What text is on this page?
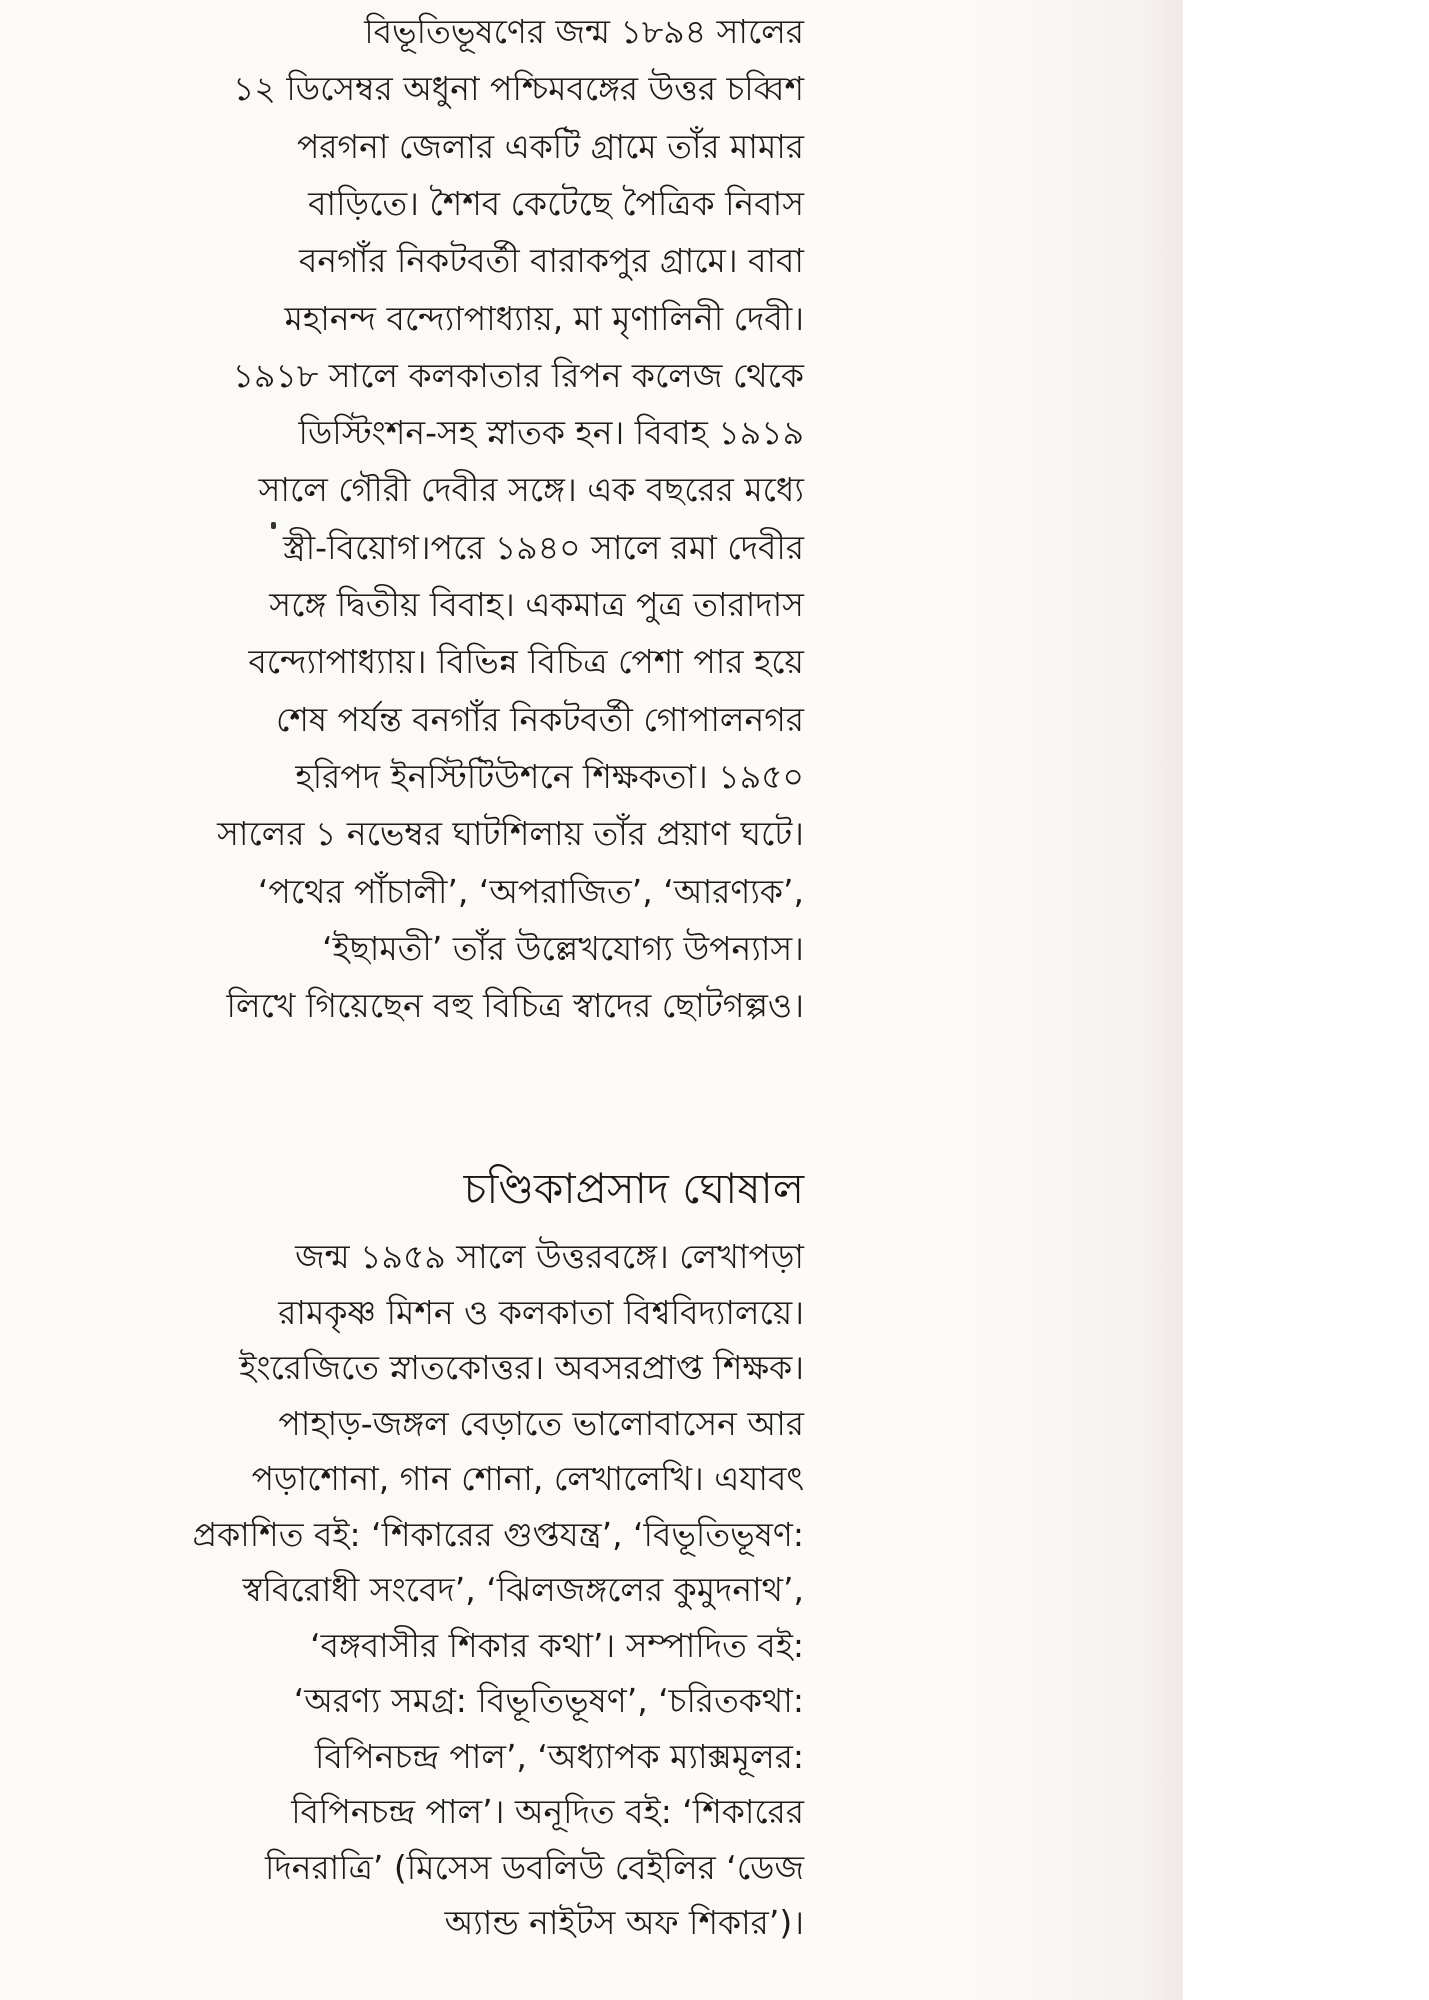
বিভূতিভূষণের জন্ম ১৮৯৪ সালের
১২ ডিসেম্বর অধুনা পশ্চিমবঙ্গের উত্তর চব্বিশ
পরগনা জেলার একটি গ্রামে তাঁর মামার
বাড়িতে। শৈশব কেটেছে পৈত্রিক নিবাস
বনগাঁর নিকটবর্তী বারাকপুর গ্রামে। বাবা
মহানন্দ বন্দ্যোপাধ্যায়, মা মৃণালিনী দেবী।
১৯১৮ সালে কলকাতার রিপন কলেজ থেকে
ডিস্টিংশন-সহ স্নাতক হন। বিবাহ ১৯১৯
সালে গৌরী দেবীর সঙ্গে। এক বছরের মধ্যে
স্ত্রী-বিয়োগ।পরে ১৯৪০ সালে রমা দেবীর
সঙ্গে দ্বিতীয় বিবাহ। একমাত্র পুত্র তারাদাস
বন্দ্যোপাধ্যায়। বিভিন্ন বিচিত্র পেশা পার হয়ে
শেষ পর্যন্ত বনগাঁর নিকটবর্তী গোপালনগর
হরিপদ ইনস্টিটিউশনে শিক্ষকতা। ১৯৫০
সালের ১ নভেম্বর ঘাটশিলায় তাঁর প্রয়াণ ঘটে।
‘পথের পাঁচালী’, ‘অপরাজিত’, ‘আরণ্যক’,
‘ইছামতী’ তাঁর উল্লেখযোগ্য উপন্যাস।
লিখে গিয়েছেন বহু বিচিত্র স্বাদের ছোটগল্পও।
চণ্ডিকাপ্রসাদ ঘোষাল
জন্ম ১৯৫৯ সালে উত্তরবঙ্গে। লেখাপড়া
রামকৃষ্ণ মিশন ও কলকাতা বিশ্ববিদ্যালয়ে।
ইংরেজিতে স্নাতকোত্তর। অবসরপ্রাপ্ত শিক্ষক।
পাহাড়-জঙ্গল বেড়াতে ভালোবাসেন আর
পড়াশোনা, গান শোনা, লেখালেখি। এযাবৎ
প্রকাশিত বই: ‘শিকারের গুপ্তযন্ত্র’, ‘বিভূতিভূষণ:
স্ববিরোধী সংবেদ’, ‘ঝিলজঙ্গলের কুমুদনাথ’,
‘বঙ্গবাসীর শিকার কথা’। সম্পাদিত বই:
‘অরণ্য সমগ্র: বিভূতিভূষণ’, ‘চরিতকথা:
বিপিনচন্দ্র পাল’, ‘অধ্যাপক ম্যাক্সমূলর:
বিপিনচন্দ্র পাল’। অনূদিত বই: ‘শিকারের
দিনরাত্রি’ (মিসেস ডবলিউ বেইলির ‘ডেজ
অ্যান্ড নাইটস অফ শিকার’)।
